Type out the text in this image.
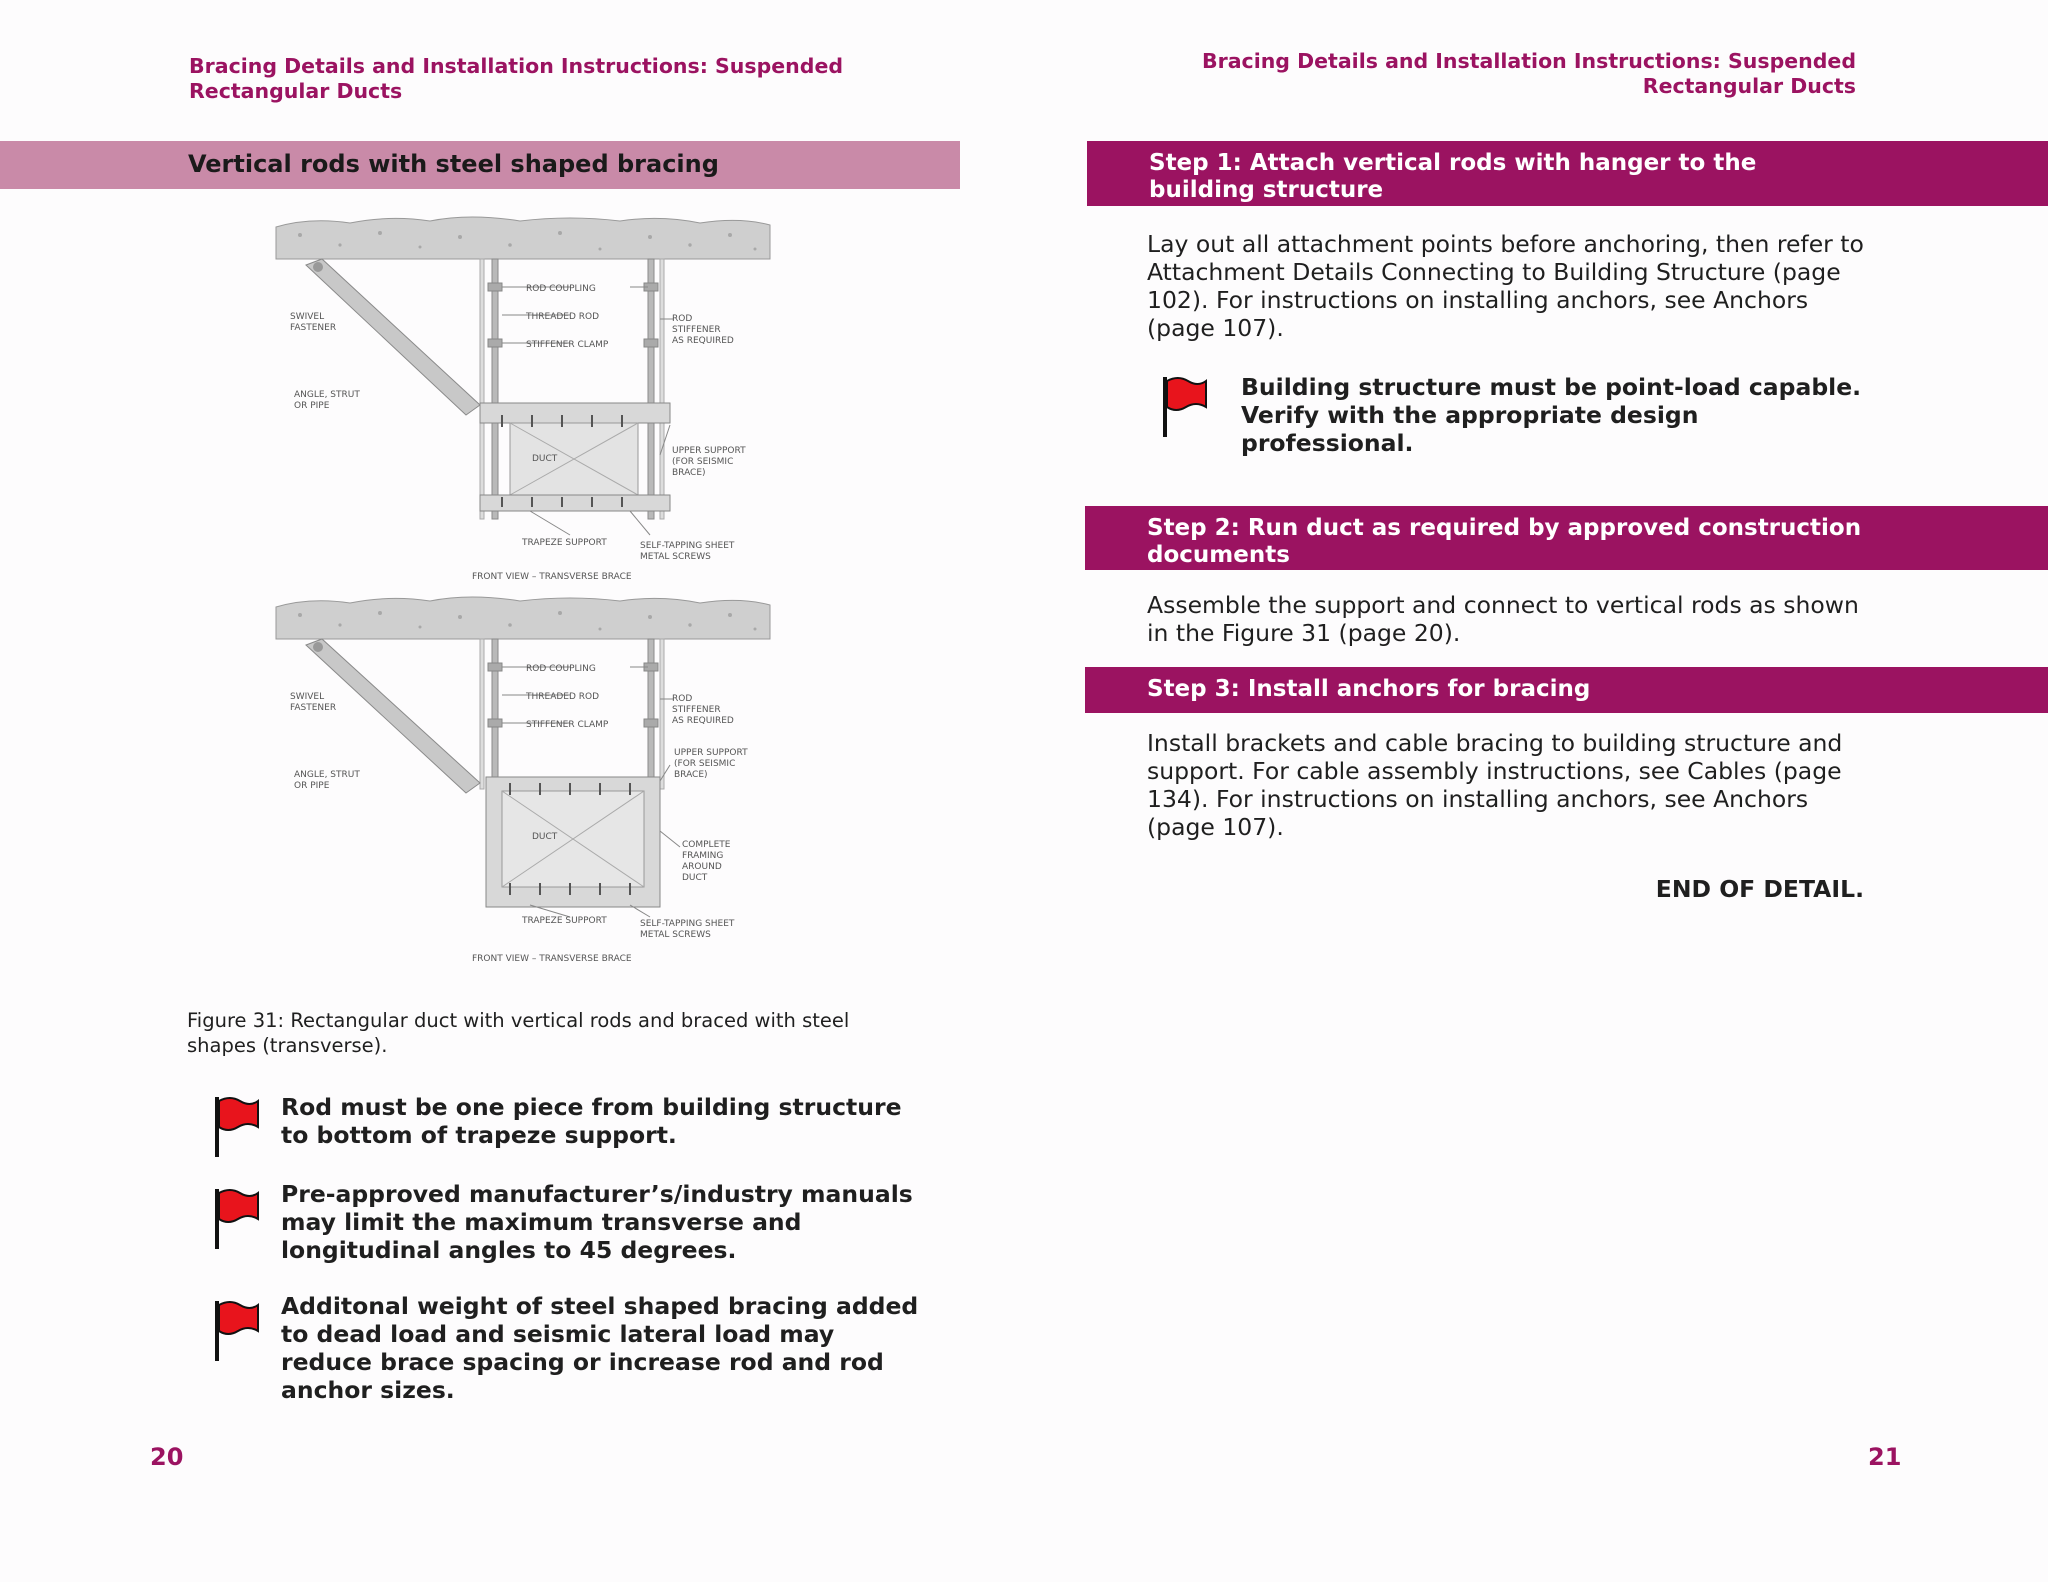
Bracing Details and Installation Instructions: Suspended
Rectangular Ducts
Vertical rods with steel shaped bracing
ROD COUPLING
THREADED ROD
STIFFENER CLAMP
SWIVEL
FASTENER
ANGLE, STRUT
OR PIPE
ROD
STIFFENER
AS REQUIRED
UPPER SUPPORT
(FOR SEISMIC
BRACE)
DUCT
TRAPEZE SUPPORT	SELF-TAPPING SHEET
METAL SCREWS
FRONT VIEW – TRANSVERSE BRACE
ROD COUPLING
THREADED ROD
STIFFENER CLAMP
SWIVEL
FASTENER
ANGLE, STRUT
OR PIPE
ROD
STIFFENER
AS REQUIRED
UPPER SUPPORT
(FOR SEISMIC
BRACE)
DUCT
COMPLETE
FRAMING
AROUND
DUCT
TRAPEZE SUPPORT	SELF-TAPPING SHEET
METAL SCREWS
FRONT VIEW – TRANSVERSE BRACE
Figure 31: Rectangular duct with vertical rods and braced with steel
shapes (transverse).
Rod must be one piece from building structure
to bottom of trapeze support.
Pre-approved manufacturer’s/industry manuals
may limit the maximum transverse and
longitudinal angles to 45 degrees.
Additonal weight of steel shaped bracing added
to dead load and seismic lateral load may
reduce brace spacing or increase rod and rod
anchor sizes.
20
Bracing Details and Installation Instructions: Suspended
Rectangular Ducts
Step 1: Attach vertical rods with hanger to the
building structure
Lay out all attachment points before anchoring, then refer to
Attachment Details Connecting to Building Structure (page
102). For instructions on installing anchors, see Anchors
(page 107).
Building structure must be point-load capable.
Verify with the appropriate design
professional.
Step 2: Run duct as required by approved construction
documents
Assemble the support and connect to vertical rods as shown
in the Figure 31 (page 20).
Step 3: Install anchors for bracing
Install brackets and cable bracing to building structure and
support. For cable assembly instructions, see Cables (page
134). For instructions on installing anchors, see Anchors
(page 107).
END OF DETAIL.
21
